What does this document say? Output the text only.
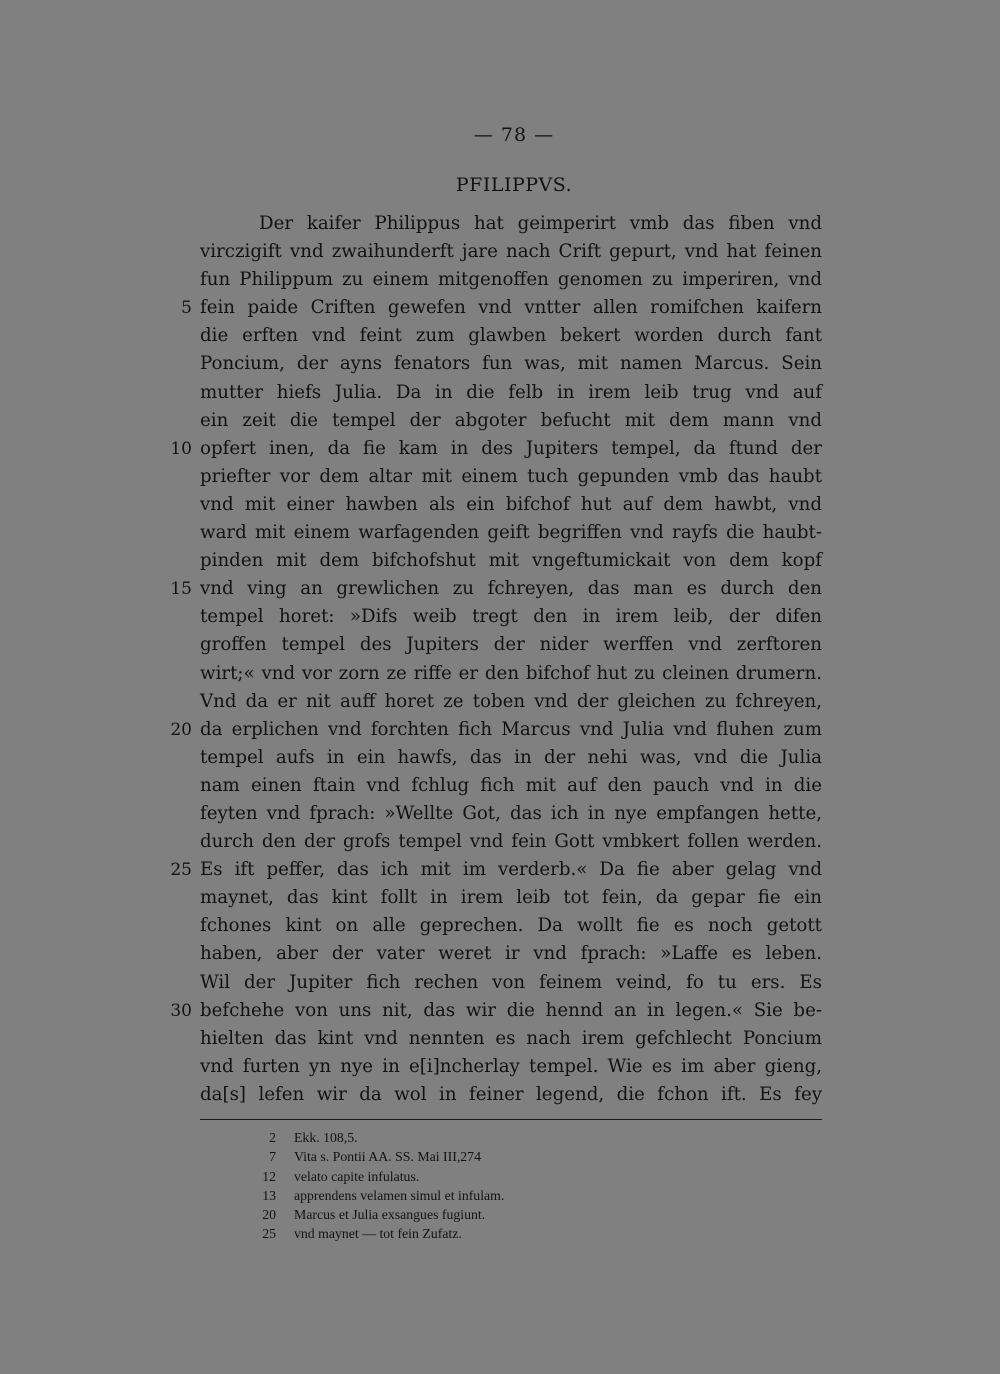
— 78 —
PFILIPPVS.
Der kaifer Philippus hat geimperirt vmb das fiben vnd
virczigift vnd zwaihunderft jare nach Crift gepurt, vnd hat feinen
fun Philippum zu einem mitgenoffen genomen zu imperiren, vnd
5 fein paide Criften gewefen vnd vntter allen romifchen kaifern
die erften vnd feint zum glawben bekert worden durch fant
Poncium, der ayns fenators fun was, mit namen Marcus. Sein
mutter hiefs Julia. Da in die felb in irem leib trug vnd auf
ein zeit die tempel der abgoter befucht mit dem mann vnd
10 opfert inen, da fie kam in des Jupiters tempel, da ftund der
priefter vor dem altar mit einem tuch gepunden vmb das haubt
vnd mit einer hawben als ein bifchof hut auf dem hawbt, vnd
ward mit einem warfagenden geift begriffen vnd rayfs die haubt-
pinden mit dem bifchofshut mit vngeftumickait von dem kopf
15 vnd ving an grewlichen zu fchreyen, das man es durch den
tempel horet: »Difs weib tregt den in irem leib, der difen
groffen tempel des Jupiters der nider werffen vnd zerftoren
wirt;« vnd vor zorn ze riffe er den bifchof hut zu cleinen drumern.
Vnd da er nit auff horet ze toben vnd der gleichen zu fchreyen,
20 da erplichen vnd forchten fich Marcus vnd Julia vnd fluhen zum
tempel aufs in ein hawfs, das in der nehi was, vnd die Julia
nam einen ftain vnd fchlug fich mit auf den pauch vnd in die
feyten vnd fprach: »Wellte Got, das ich in nye empfangen hette,
durch den der grofs tempel vnd fein Gott vmbkert follen werden.
25 Es ift peffer, das ich mit im verderb.« Da fie aber gelag vnd
maynet, das kint follt in irem leib tot fein, da gepar fie ein
fchones kint on alle geprechen. Da wollt fie es noch getott
haben, aber der vater weret ir vnd fprach: »Laffe es leben.
Wil der Jupiter fich rechen von feinem veind, fo tu ers. Es
30 befchehe von uns nit, das wir die hennd an in legen.« Sie be-
hielten das kint vnd nennten es nach irem gefchlecht Poncium
vnd furten yn nye in e[i]ncherlay tempel. Wie es im aber gieng,
da[s] lefen wir da wol in feiner legend, die fchon ift. Es fey
2 Ekk. 108,5.
7 Vita s. Pontii AA. SS. Mai III,274
12 velato capite infulatus.
13 apprendens velamen simul et infulam.
20 Marcus et Julia exsangues fugiunt.
25 vnd maynet — tot fein Zufatz.
